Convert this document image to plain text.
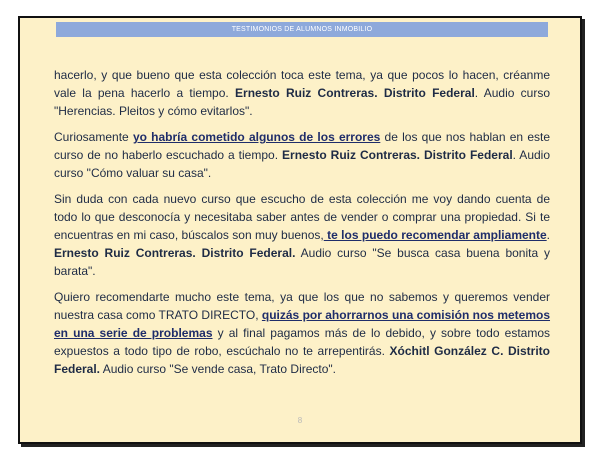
TESTIMONIOS DE ALUMNOS INMOBILIO

hacerlo, y que bueno que esta colección toca este tema, ya que pocos lo hacen, créanme vale la pena hacerlo a tiempo. Ernesto Ruiz Contreras. Distrito Federal. Audio curso "Herencias. Pleitos y cómo evitarlos".

Curiosamente yo habría cometido algunos de los errores de los que nos hablan en este curso de no haberlo escuchado a tiempo. Ernesto Ruiz Contreras. Distrito Federal. Audio curso "Cómo valuar su casa".

Sin duda con cada nuevo curso que escucho de esta colección me voy dando cuenta de todo lo que desconocía y necesitaba saber antes de vender o comprar una propiedad. Si te encuentras en mi caso, búscalos son muy buenos, te los puedo recomendar ampliamente. Ernesto Ruiz Contreras. Distrito Federal. Audio curso "Se busca casa buena bonita y barata".

Quiero recomendarte mucho este tema, ya que los que no sabemos y queremos vender nuestra casa como TRATO DIRECTO, quizás por ahorrarnos una comisión nos metemos en una serie de problemas y al final pagamos más de lo debido, y sobre todo estamos expuestos a todo tipo de robo, escúchalo no te arrepentirás. Xóchitl González C. Distrito Federal. Audio curso "Se vende casa, Trato Directo".

8
